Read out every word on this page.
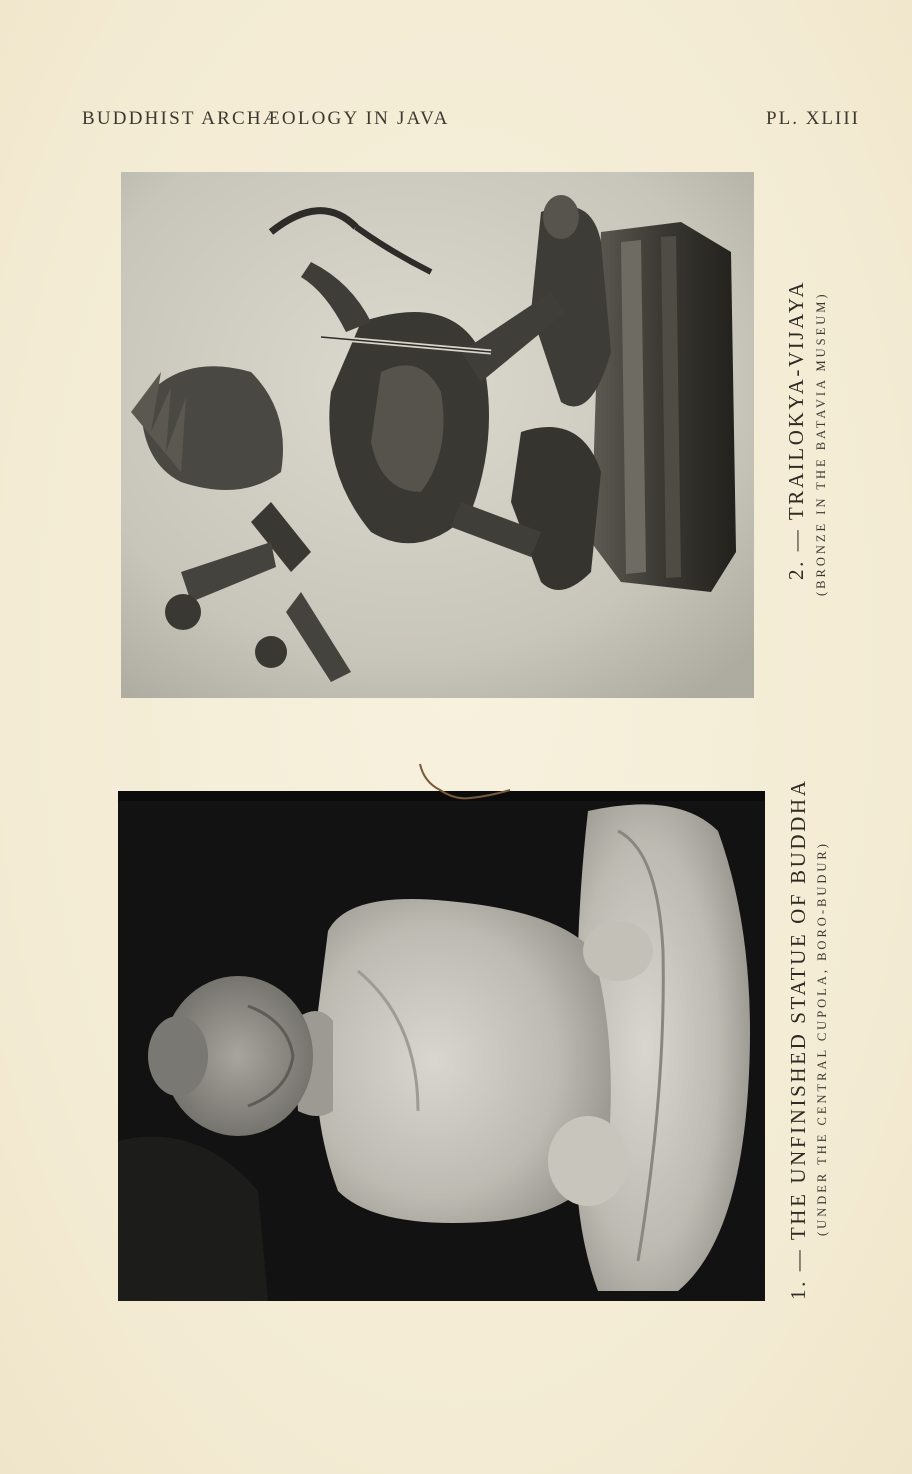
BUDDHIST ARCHÆOLOGY IN JAVA	PL. XLIII
2. — TRAILOKYA-VIJAYA (BRONZE IN THE BATAVIA MUSEUM)
1. — THE UNFINISHED STATUE OF BUDDHA (UNDER THE CENTRAL CUPOLA, BORO-BUDUR)
